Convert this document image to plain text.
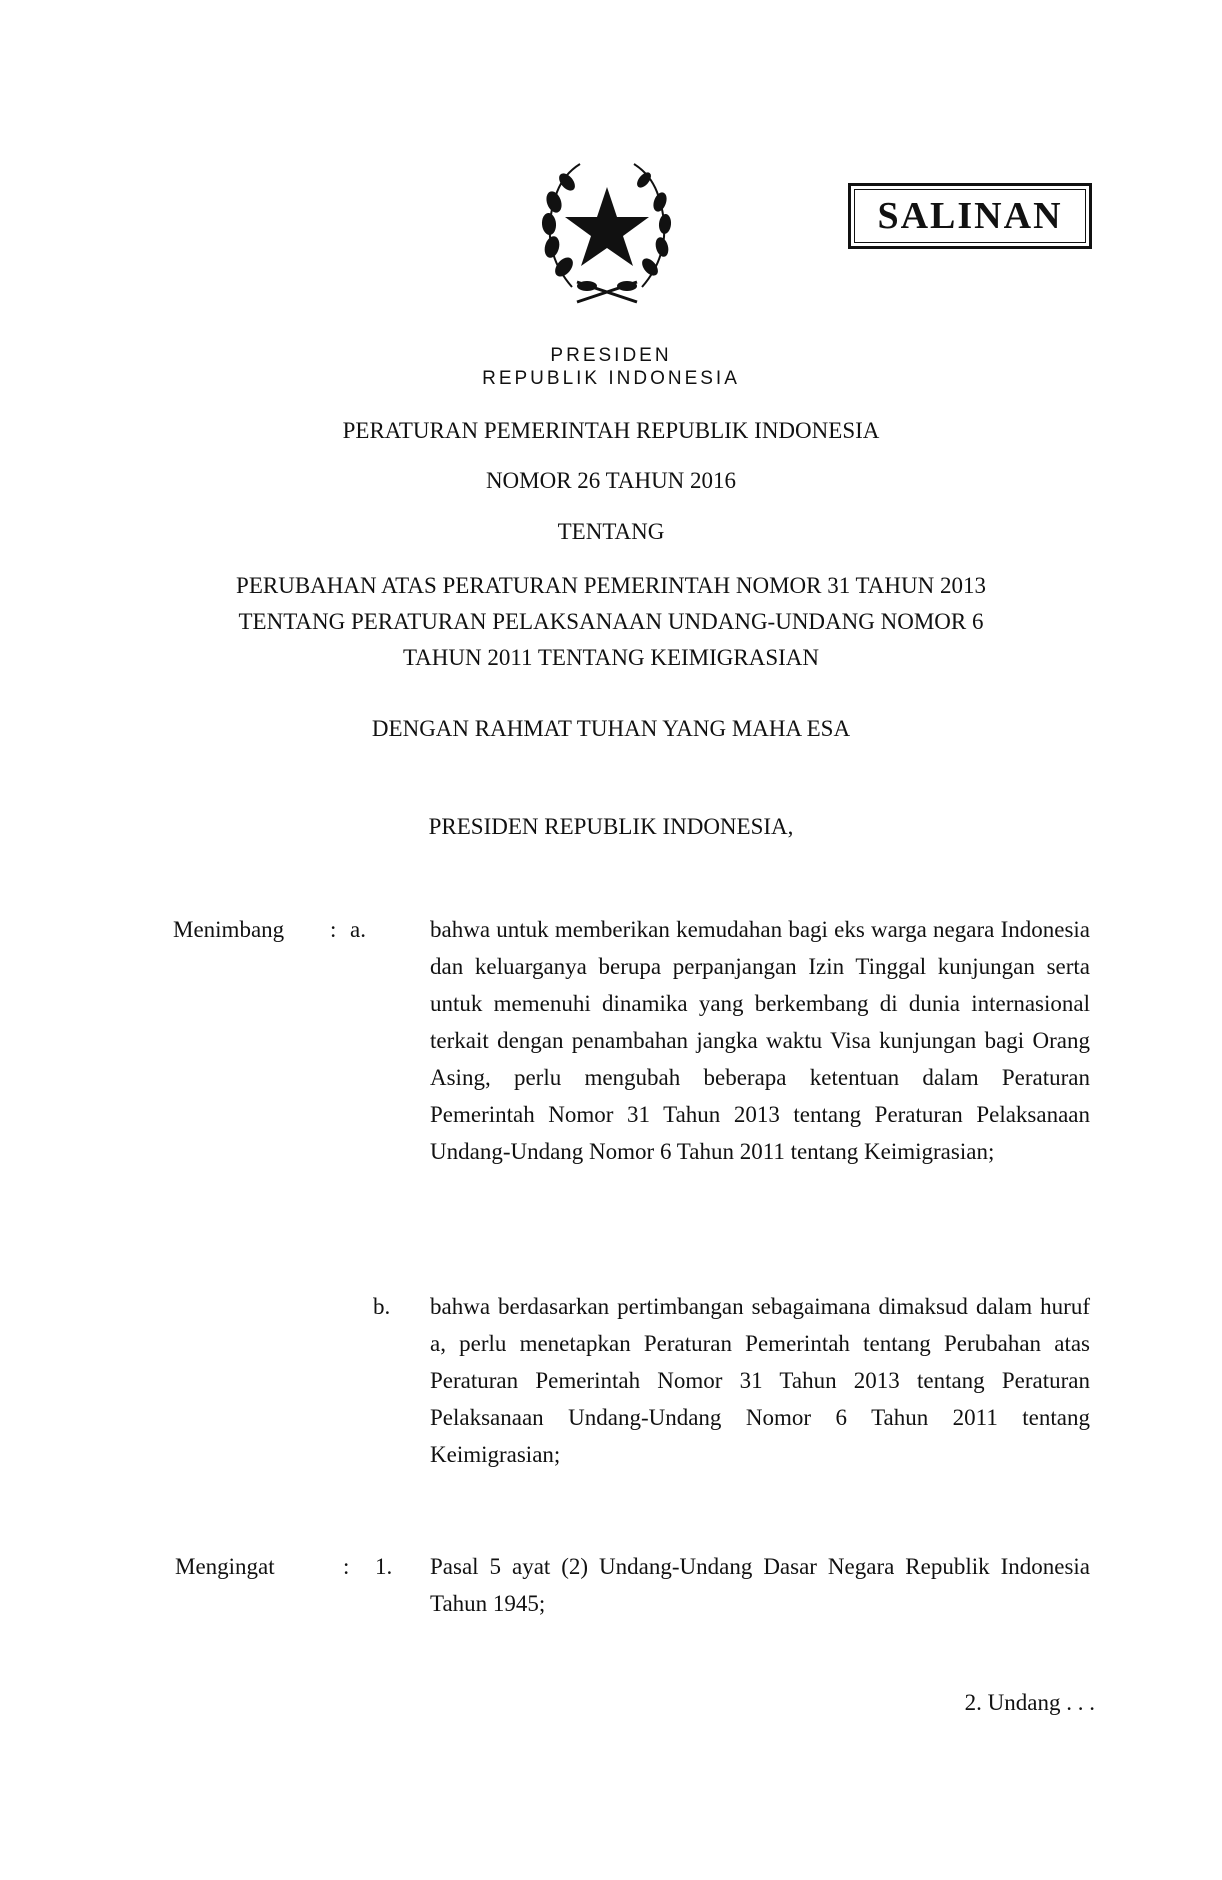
SALINAN
PRESIDEN
REPUBLIK INDONESIA
PERATURAN PEMERINTAH REPUBLIK INDONESIA
NOMOR 26 TAHUN 2016
TENTANG
PERUBAHAN ATAS PERATURAN PEMERINTAH NOMOR 31 TAHUN 2013
TENTANG PERATURAN PELAKSANAAN UNDANG-UNDANG NOMOR 6
TAHUN 2011 TENTANG KEIMIGRASIAN
DENGAN RAHMAT TUHAN YANG MAHA ESA
PRESIDEN REPUBLIK INDONESIA,
Menimbang : a.	bahwa untuk memberikan kemudahan bagi eks warga negara Indonesia dan keluarganya berupa perpanjangan Izin Tinggal kunjungan serta untuk memenuhi dinamika yang berkembang di dunia internasional terkait dengan penambahan jangka waktu Visa kunjungan bagi Orang Asing, perlu mengubah beberapa ketentuan dalam Peraturan Pemerintah Nomor 31 Tahun 2013 tentang Peraturan Pelaksanaan Undang-Undang Nomor 6 Tahun 2011 tentang Keimigrasian;
b. bahwa berdasarkan pertimbangan sebagaimana dimaksud dalam huruf a, perlu menetapkan Peraturan Pemerintah tentang Perubahan atas Peraturan Pemerintah Nomor 31 Tahun 2013 tentang Peraturan Pelaksanaan Undang-Undang Nomor 6 Tahun 2011 tentang Keimigrasian;
Mengingat	: 1. Pasal 5 ayat (2) Undang-Undang Dasar Negara Republik Indonesia Tahun 1945;
2. Undang . . .
